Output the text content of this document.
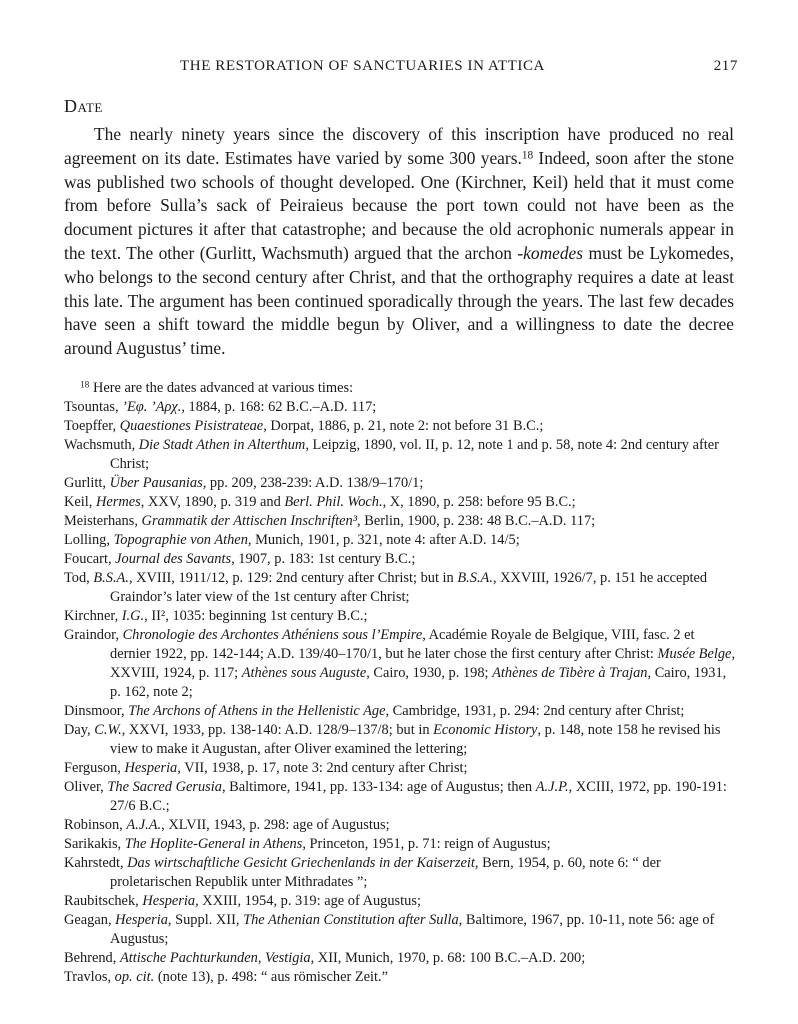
THE RESTORATION OF SANCTUARIES IN ATTICA	217
Date

The nearly ninety years since the discovery of this inscription have produced no real agreement on its date. Estimates have varied by some 300 years.$^{18}$ Indeed, soon after the stone was published two schools of thought developed. One (Kirchner, Keil) held that it must come from before Sulla’s sack of Peiraieus because the port town could not have been as the document pictures it after that catastrophe; and because the old acrophonic numerals appear in the text. The other (Gurlitt, Wachsmuth) argued that the archon -komedes must be Lykomedes, who belongs to the second century after Christ, and that the orthography requires a date at least this late. The argument has been continued sporadically through the years. The last few decades have seen a shift toward the middle begun by Oliver, and a willingness to date the decree around Augustus’ time.

$^{18}$ Here are the dates advanced at various times:
Tsountas, ’Εφ. ’Αρχ., 1884, p. 168: 62 B.C.–A.D. 117;
Toepffer, Quaestiones Pisistrateae, Dorpat, 1886, p. 21, note 2: not before 31 B.C.;
Wachsmuth, Die Stadt Athen in Alterthum, Leipzig, 1890, vol. II, p. 12, note 1 and p. 58, note 4: 2nd century after Christ;
Gurlitt, Über Pausanias, pp. 209, 238-239: A.D. 138/9–170/1;
Keil, Hermes, XXV, 1890, p. 319 and Berl. Phil. Woch., X, 1890, p. 258: before 95 B.C.;
Meisterhans, Grammatik der Attischen Inschriften³, Berlin, 1900, p. 238: 48 B.C.–A.D. 117;
Lolling, Topographie von Athen, Munich, 1901, p. 321, note 4: after A.D. 14/5;
Foucart, Journal des Savants, 1907, p. 183: 1st century B.C.;
Tod, B.S.A., XVIII, 1911/12, p. 129: 2nd century after Christ; but in B.S.A., XXVIII, 1926/7, p. 151 he accepted Graindor’s later view of the 1st century after Christ;
Kirchner, I.G., II², 1035: beginning 1st century B.C.;
Graindor, Chronologie des Archontes Athéniens sous l’Empire, Académie Royale de Belgique, VIII, fasc. 2 et dernier 1922, pp. 142-144; A.D. 139/40–170/1, but he later chose the first century after Christ: Musée Belge, XXVIII, 1924, p. 117; Athènes sous Auguste, Cairo, 1930, p. 198; Athènes de Tibère à Trajan, Cairo, 1931, p. 162, note 2;
Dinsmoor, The Archons of Athens in the Hellenistic Age, Cambridge, 1931, p. 294: 2nd century after Christ;
Day, C.W., XXVI, 1933, pp. 138-140: A.D. 128/9–137/8; but in Economic History, p. 148, note 158 he revised his view to make it Augustan, after Oliver examined the lettering;
Ferguson, Hesperia, VII, 1938, p. 17, note 3: 2nd century after Christ;
Oliver, The Sacred Gerusia, Baltimore, 1941, pp. 133-134: age of Augustus; then A.J.P., XCIII, 1972, pp. 190-191: 27/6 B.C.;
Robinson, A.J.A., XLVII, 1943, p. 298: age of Augustus;
Sarikakis, The Hoplite-General in Athens, Princeton, 1951, p. 71: reign of Augustus;
Kahrstedt, Das wirtschaftliche Gesicht Griechenlands in der Kaiserzeit, Bern, 1954, p. 60, note 6: “ der proletarischen Republik unter Mithradates ”;
Raubitschek, Hesperia, XXIII, 1954, p. 319: age of Augustus;
Geagan, Hesperia, Suppl. XII, The Athenian Constitution after Sulla, Baltimore, 1967, pp. 10-11, note 56: age of Augustus;
Behrend, Attische Pachturkunden, Vestigia, XII, Munich, 1970, p. 68: 100 B.C.–A.D. 200;
Travlos, op. cit. (note 13), p. 498: “ aus römischer Zeit.”
